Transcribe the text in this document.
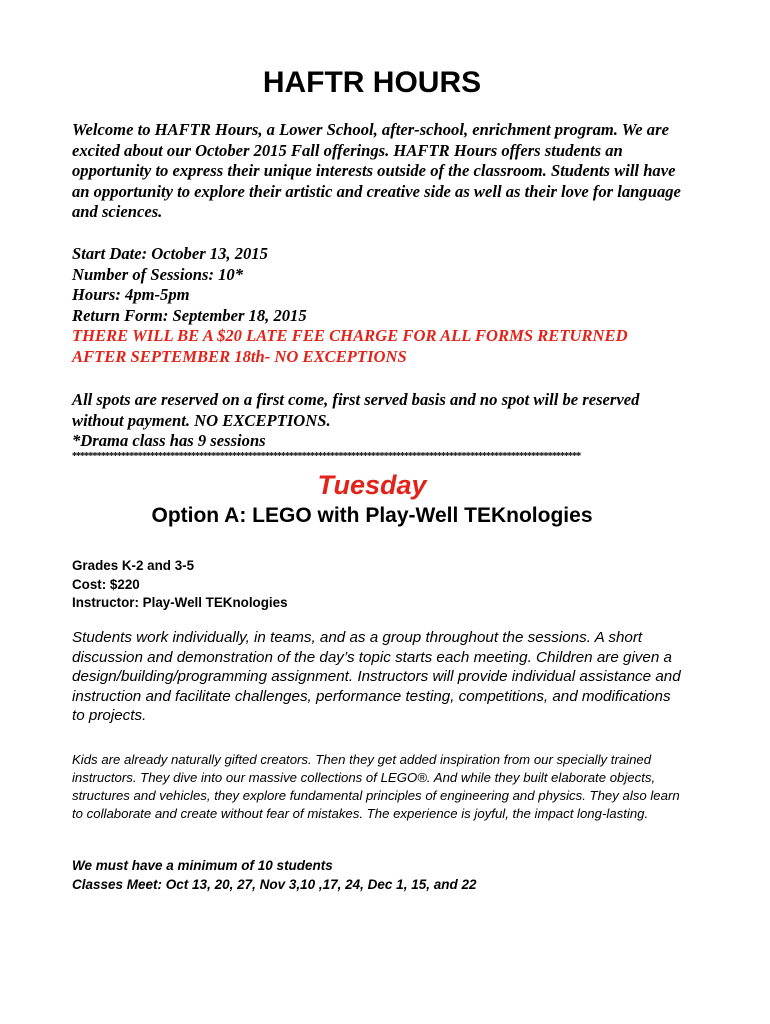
HAFTR HOURS

Welcome to HAFTR Hours, a Lower School, after-school, enrichment program. We are excited about our October 2015 Fall offerings. HAFTR Hours offers students an opportunity to express their unique interests outside of the classroom. Students will have an opportunity to explore their artistic and creative side as well as their love for language and sciences.

Start Date: October 13, 2015
Number of Sessions: 10*
Hours: 4pm-5pm
Return Form: September 18, 2015
THERE WILL BE A $20 LATE FEE CHARGE FOR ALL FORMS RETURNED
AFTER SEPTEMBER 18th- NO EXCEPTIONS
All spots are reserved on a first come, first served basis and no spot will be reserved without payment. NO EXCEPTIONS.
*Drama class has 9 sessions
****************************************************************************************************************************
Tuesday
Option A: LEGO with Play-Well TEKnologies
Grades K-2 and 3-5
Cost: $220
Instructor: Play-Well TEKnologies

Students work individually, in teams, and as a group throughout the sessions. A short discussion and demonstration of the day’s topic starts each meeting. Children are given a design/building/programming assignment. Instructors will provide individual assistance and instruction and facilitate challenges, performance testing, competitions, and modifications to projects.

Kids are already naturally gifted creators. Then they get added inspiration from our specially trained instructors. They dive into our massive collections of LEGO®. And while they built elaborate objects, structures and vehicles, they explore fundamental principles of engineering and physics. They also learn to collaborate and create without fear of mistakes. The experience is joyful, the impact long-lasting.

We must have a minimum of 10 students
Classes Meet: Oct 13, 20, 27, Nov 3,10 ,17, 24, Dec 1, 15, and 22
